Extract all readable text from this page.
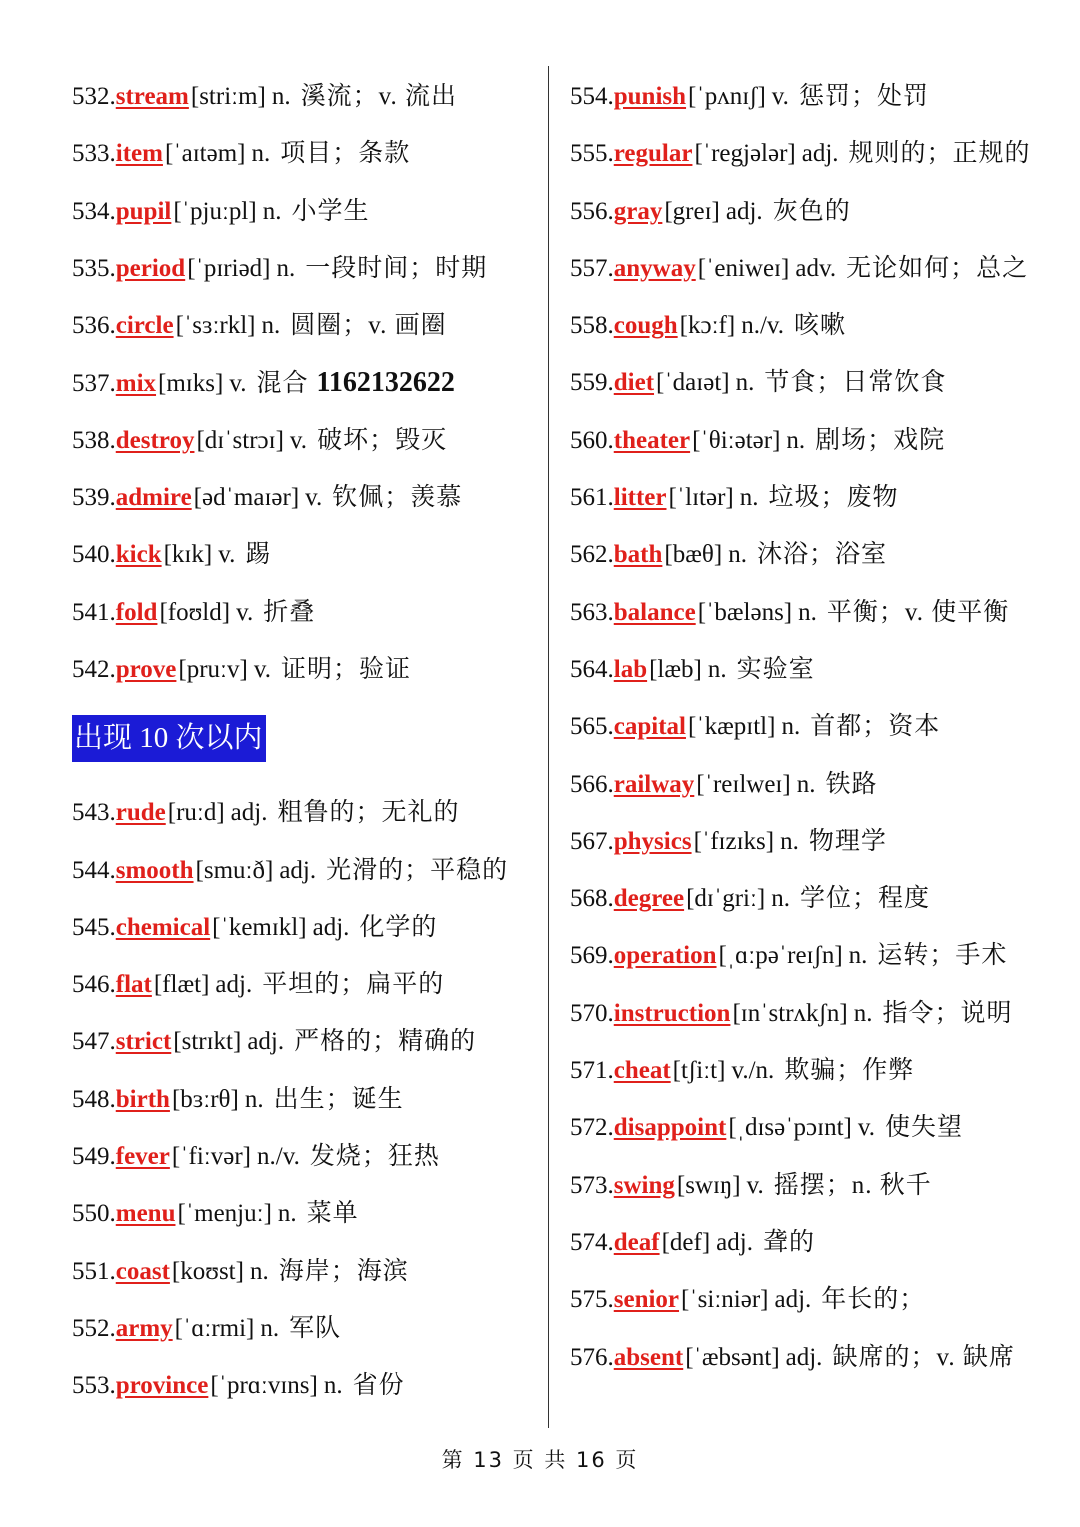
532.stream[striːm] n. 溪流；v. 流出
533.item[ˈaɪtəm] n. 项目；条款
534.pupil[ˈpjuːpl] n. 小学生
535.period[ˈpɪriəd] n. 一段时间；时期
536.circle[ˈsɜːrkl] n. 圆圈；v. 画圈
537.mix[mɪks] v. 混合 1162132622
538.destroy[dɪˈstrɔɪ] v. 破坏；毁灭
539.admire[ədˈmaɪər] v. 钦佩；羡慕
540.kick[kɪk] v. 踢
541.fold[foʊld] v. 折叠
542.prove[pruːv] v. 证明；验证
出现 10 次以内
543.rude[ruːd] adj. 粗鲁的；无礼的
544.smooth[smuːð] adj. 光滑的；平稳的
545.chemical[ˈkemɪkl] adj. 化学的
546.flat[flæt] adj. 平坦的；扁平的
547.strict[strɪkt] adj. 严格的；精确的
548.birth[bɜːrθ] n. 出生；诞生
549.fever[ˈfiːvər] n./v. 发烧；狂热
550.menu[ˈmenjuː] n. 菜单
551.coast[koʊst] n. 海岸；海滨
552.army[ˈɑːrmi] n. 军队
553.province[ˈprɑːvɪns] n. 省份
554.punish[ˈpʌnɪʃ] v. 惩罚；处罚
555.regular[ˈregjələr] adj. 规则的；正规的
556.gray[greɪ] adj. 灰色的
557.anyway[ˈeniweɪ] adv. 无论如何；总之
558.cough[kɔːf] n./v. 咳嗽
559.diet[ˈdaɪət] n. 节食；日常饮食
560.theater[ˈθiːətər] n. 剧场；戏院
561.litter[ˈlɪtər] n. 垃圾；废物
562.bath[bæθ] n. 沐浴；浴室
563.balance[ˈbæləns] n. 平衡；v. 使平衡
564.lab[læb] n. 实验室
565.capital[ˈkæpɪtl] n. 首都；资本
566.railway[ˈreɪlweɪ] n. 铁路
567.physics[ˈfɪzɪks] n. 物理学
568.degree[dɪˈgriː] n. 学位；程度
569.operation[ˌɑːpəˈreɪʃn] n. 运转；手术
570.instruction[ɪnˈstrʌkʃn] n. 指令；说明
571.cheat[tʃiːt] v./n. 欺骗；作弊
572.disappoint[ˌdɪsəˈpɔɪnt] v. 使失望
573.swing[swɪŋ] v. 摇摆；n. 秋千
574.deaf[def] adj. 聋的
575.senior[ˈsiːniər] adj. 年长的；
576.absent[ˈæbsənt] adj. 缺席的；v. 缺席
第 13 页 共 16 页
